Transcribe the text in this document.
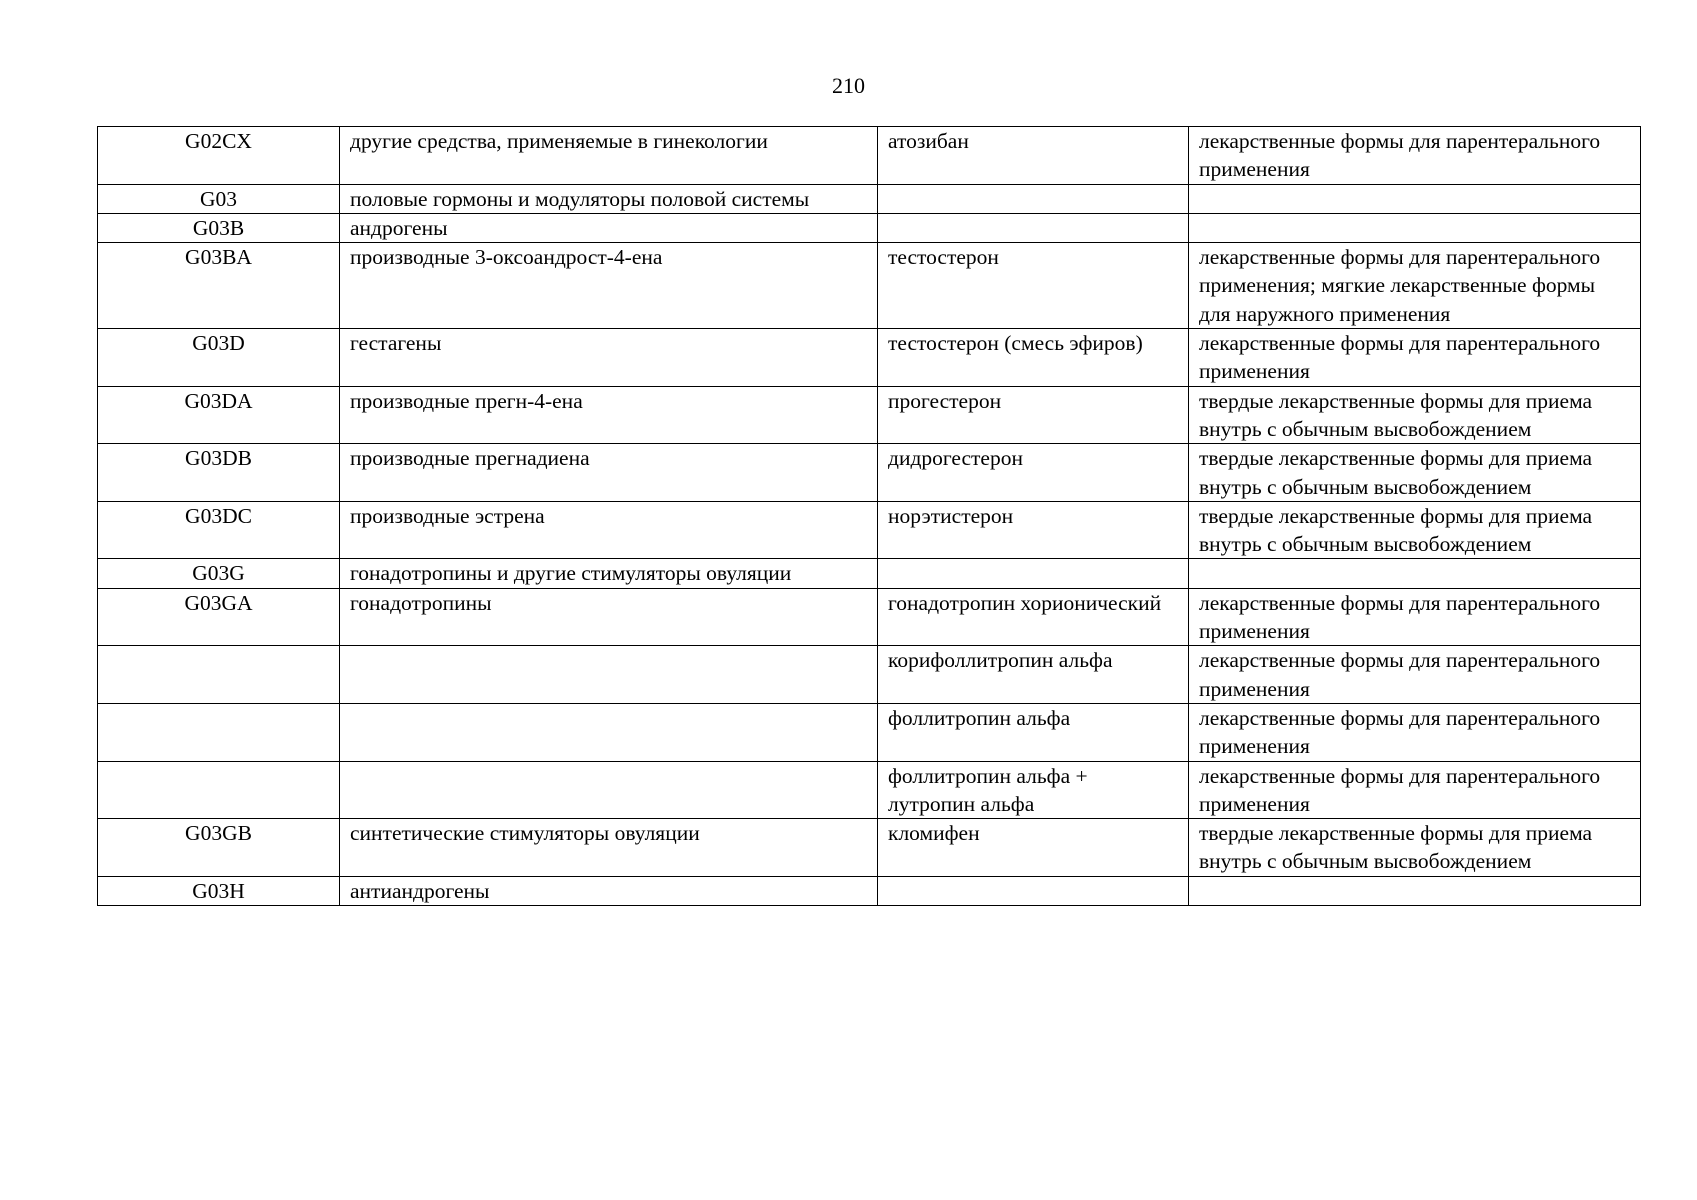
210
G02CX	другие средства, применяемые в гинекологии	атозибан	лекарственные формы для парентерального применения
G03	половые гормоны и модуляторы половой системы		
G03B	андрогены		
G03BA	производные 3-оксоандрост-4-ена	тестостерон	лекарственные формы для парентерального применения; мягкие лекарственные формы для наружного применения
G03D	гестагены	тестостерон (смесь эфиров)	лекарственные формы для парентерального применения
G03DA	производные прегн-4-ена	прогестерон	твердые лекарственные формы для приема внутрь с обычным высвобождением
G03DB	производные прегнадиена	дидрогестерон	твердые лекарственные формы для приема внутрь с обычным высвобождением
G03DC	производные эстрена	норэтистерон	твердые лекарственные формы для приема внутрь с обычным высвобождением
G03G	гонадотропины и другие стимуляторы овуляции		
G03GA	гонадотропины	гонадотропин хорионический	лекарственные формы для парентерального применения
		корифоллитропин альфа	лекарственные формы для парентерального применения
		фоллитропин альфа	лекарственные формы для парентерального применения
		фоллитропин альфа + лутропин альфа	лекарственные формы для парентерального применения
G03GB	синтетические стимуляторы овуляции	кломифен	твердые лекарственные формы для приема внутрь с обычным высвобождением
G03H	антиандрогены		
